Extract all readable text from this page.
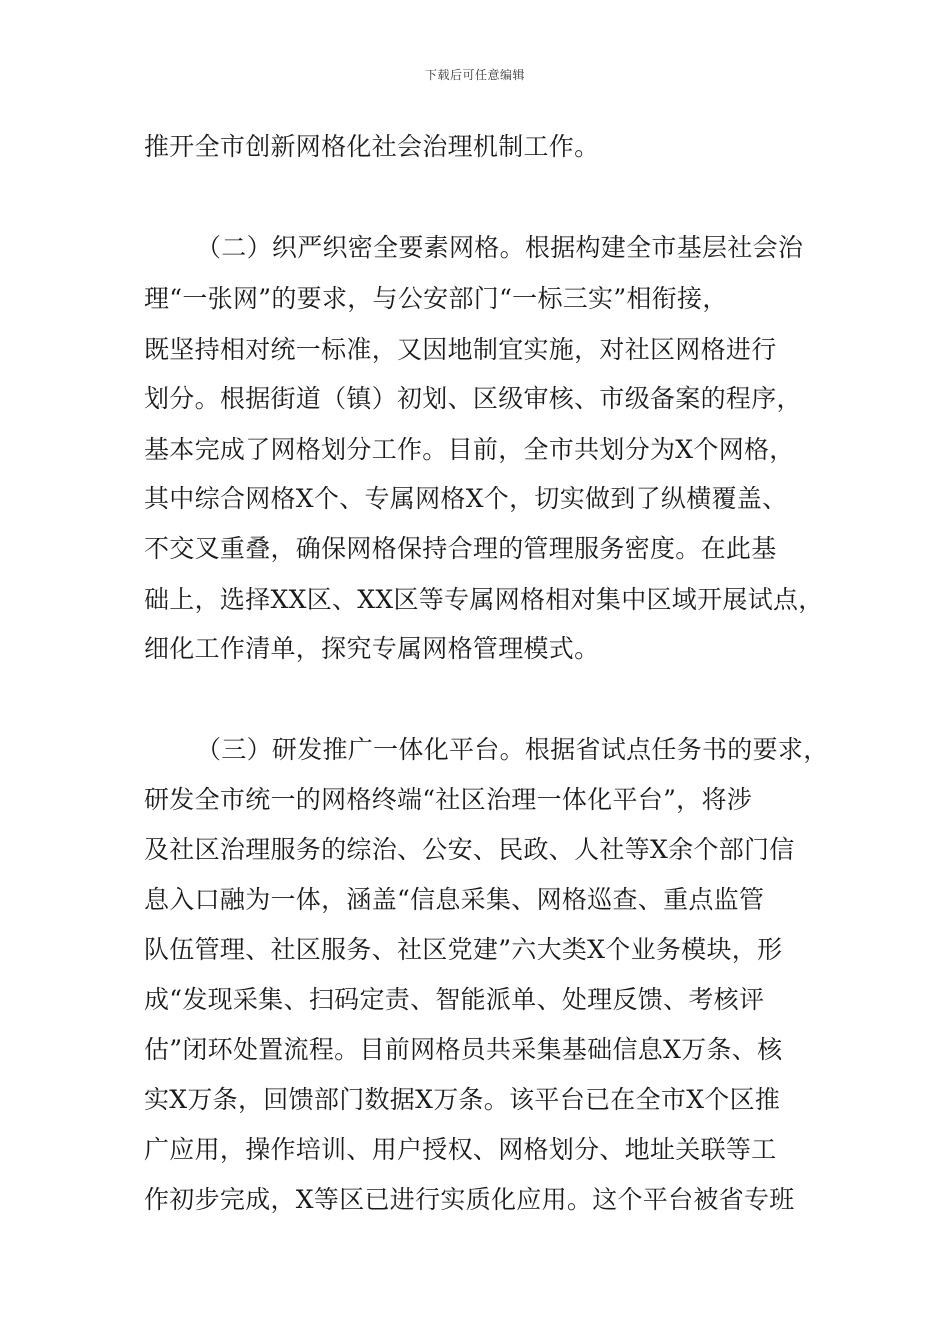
下载后可任意编辑
推开全市创新网格化社会治理机制工作。
（二）织严织密全要素网格。根据构建全市基层社会治
理“一张网”的要求，与公安部门“一标三实”相衔接，
既坚持相对统一标准，又因地制宜实施，对社区网格进行
划分。根据街道（镇）初划、区级审核、市级备案的程序，
基本完成了网格划分工作。目前，全市共划分为X个网格，
其中综合网格X个、专属网格X个，切实做到了纵横覆盖、
不交叉重叠，确保网格保持合理的管理服务密度。在此基
础上，选择XX区、XX区等专属网格相对集中区域开展试点，
细化工作清单，探究专属网格管理模式。
（三）研发推广一体化平台。根据省试点任务书的要求，
研发全市统一的网格终端“社区治理一体化平台”，将涉
及社区治理服务的综治、公安、民政、人社等X余个部门信
息入口融为一体，涵盖“信息采集、网格巡查、重点监管
队伍管理、社区服务、社区党建”六大类X个业务模块，形
成“发现采集、扫码定责、智能派单、处理反馈、考核评
估”闭环处置流程。目前网格员共采集基础信息X万条、核
实X万条，回馈部门数据X万条。该平台已在全市X个区推
广应用，操作培训、用户授权、网格划分、地址关联等工
作初步完成，X等区已进行实质化应用。这个平台被省专班
